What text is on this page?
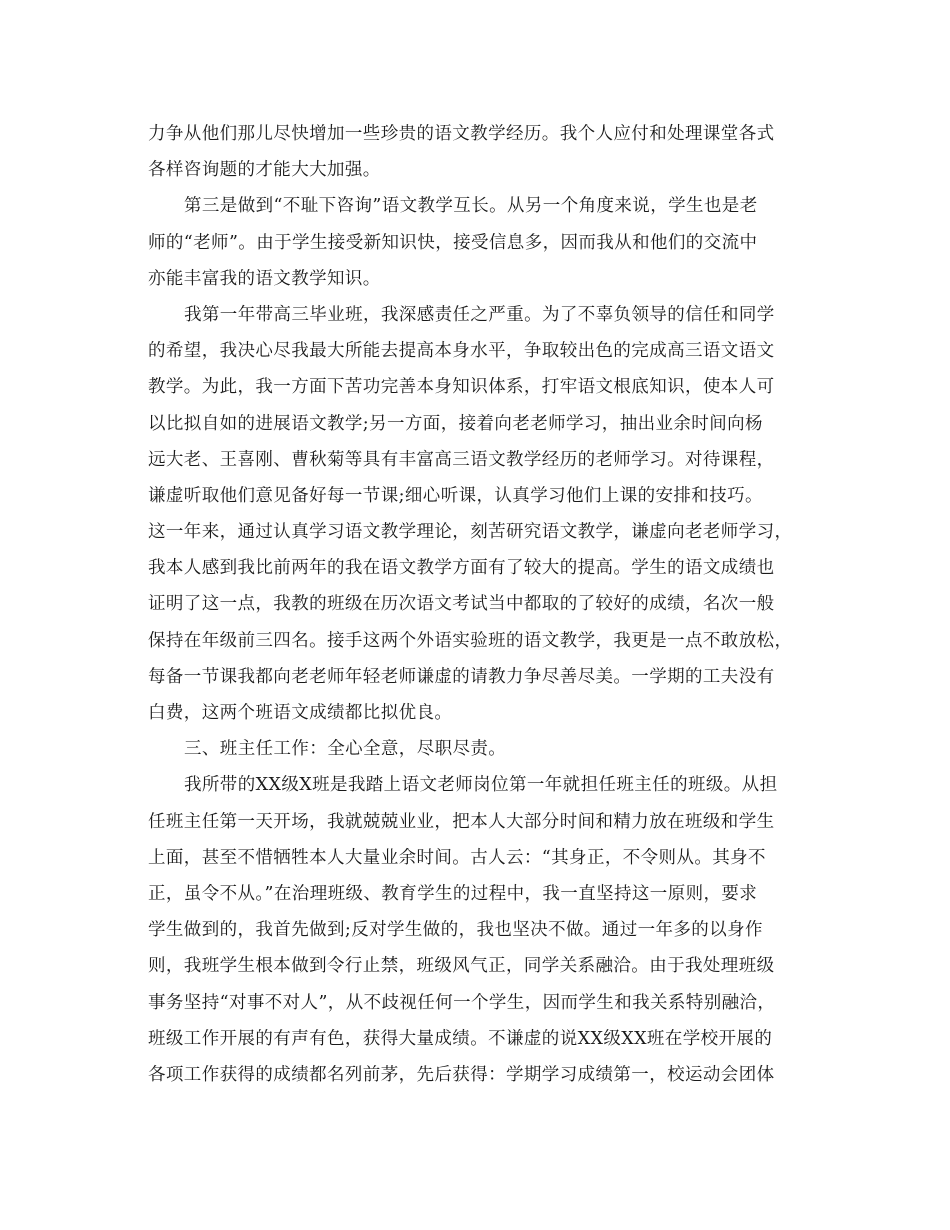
力争从他们那儿尽快增加一些珍贵的语文教学经历。我个人应付和处理课堂各式
各样咨询题的才能大大加强。
第三是做到“不耻下咨询”语文教学互长。从另一个角度来说，学生也是老
师的“老师”。由于学生接受新知识快，接受信息多，因而我从和他们的交流中
亦能丰富我的语文教学知识。
我第一年带高三毕业班，我深感责任之严重。为了不辜负领导的信任和同学
的希望，我决心尽我最大所能去提高本身水平，争取较出色的完成高三语文语文
教学。为此，我一方面下苦功完善本身知识体系，打牢语文根底知识，使本人可
以比拟自如的进展语文教学;另一方面，接着向老老师学习，抽出业余时间向杨
远大老、王喜刚、曹秋菊等具有丰富高三语文教学经历的老师学习。对待课程，
谦虚听取他们意见备好每一节课;细心听课，认真学习他们上课的安排和技巧。
这一年来，通过认真学习语文教学理论，刻苦研究语文教学，谦虚向老老师学习，
我本人感到我比前两年的我在语文教学方面有了较大的提高。学生的语文成绩也
证明了这一点，我教的班级在历次语文考试当中都取的了较好的成绩，名次一般
保持在年级前三四名。接手这两个外语实验班的语文教学，我更是一点不敢放松，
每备一节课我都向老老师年轻老师谦虚的请教力争尽善尽美。一学期的工夫没有
白费，这两个班语文成绩都比拟优良。
三、班主任工作：全心全意，尽职尽责。
我所带的XX级X班是我踏上语文老师岗位第一年就担任班主任的班级。从担
任班主任第一天开场，我就兢兢业业，把本人大部分时间和精力放在班级和学生
上面，甚至不惜牺牲本人大量业余时间。古人云：“其身正，不令则从。其身不
正，虽令不从。”在治理班级、教育学生的过程中，我一直坚持这一原则，要求
学生做到的，我首先做到;反对学生做的，我也坚决不做。通过一年多的以身作
则，我班学生根本做到令行止禁，班级风气正，同学关系融洽。由于我处理班级
事务坚持“对事不对人”，从不歧视任何一个学生，因而学生和我关系特别融洽，
班级工作开展的有声有色，获得大量成绩。不谦虚的说XX级XX班在学校开展的
各项工作获得的成绩都名列前茅，先后获得：学期学习成绩第一，校运动会团体
